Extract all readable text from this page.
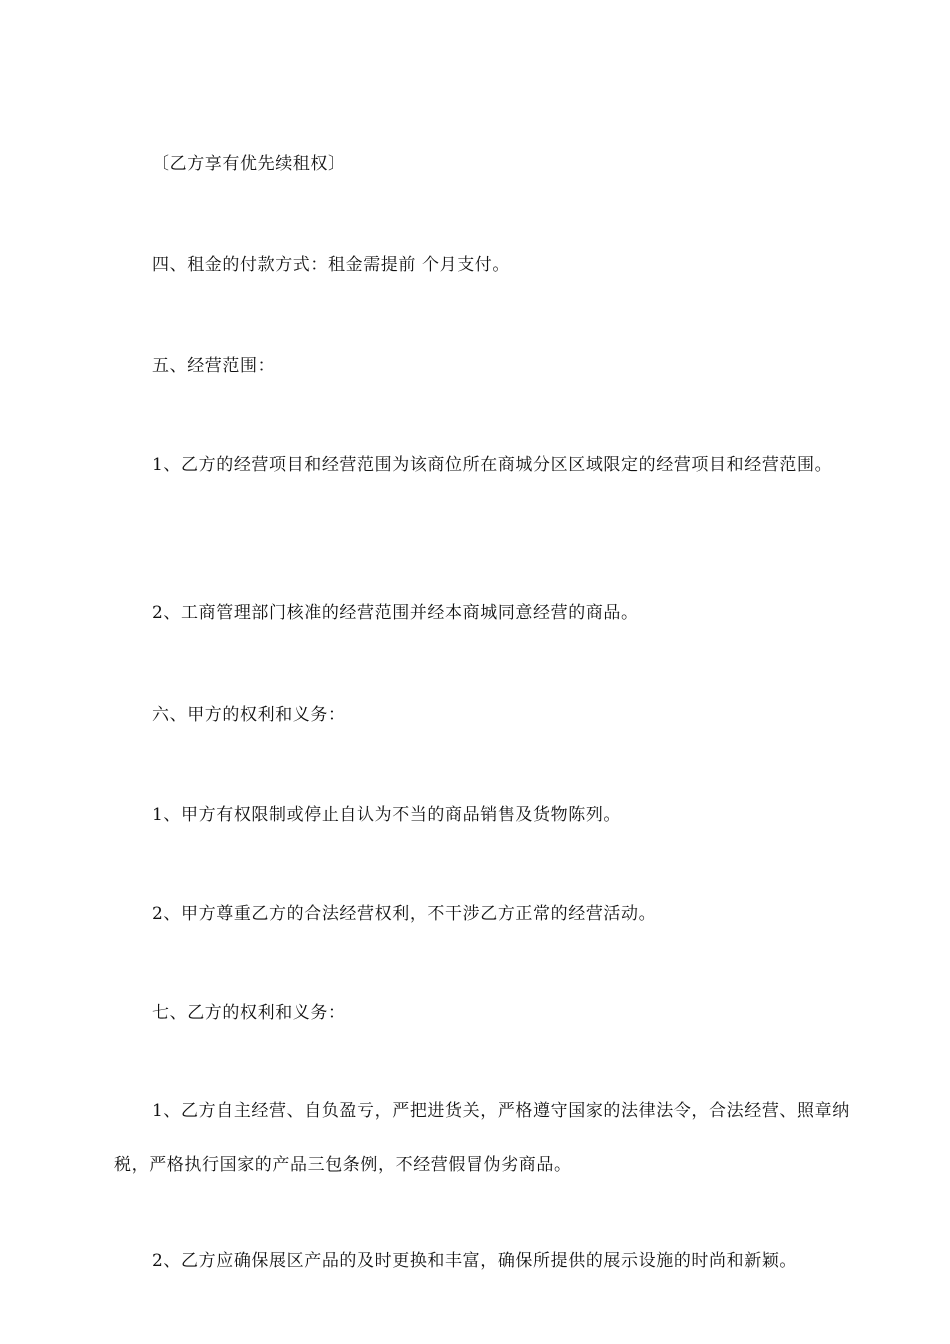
〔乙方享有优先续租权〕

四、租金的付款方式：租金需提前 个月支付。

五、经营范围：

1、乙方的经营项目和经营范围为该商位所在商城分区区域限定的经营项目和经营范围。

2、工商管理部门核准的经营范围并经本商城同意经营的商品。

六、甲方的权利和义务：

1、甲方有权限制或停止自认为不当的商品销售及货物陈列。

2、甲方尊重乙方的合法经营权利，不干涉乙方正常的经营活动。

七、乙方的权利和义务：

1、乙方自主经营、自负盈亏，严把进货关，严格遵守国家的法律法令，合法经营、照章纳税，严格执行国家的产品三包条例，不经营假冒伪劣商品。

2、乙方应确保展区产品的及时更换和丰富，确保所提供的展示设施的时尚和新颖。
